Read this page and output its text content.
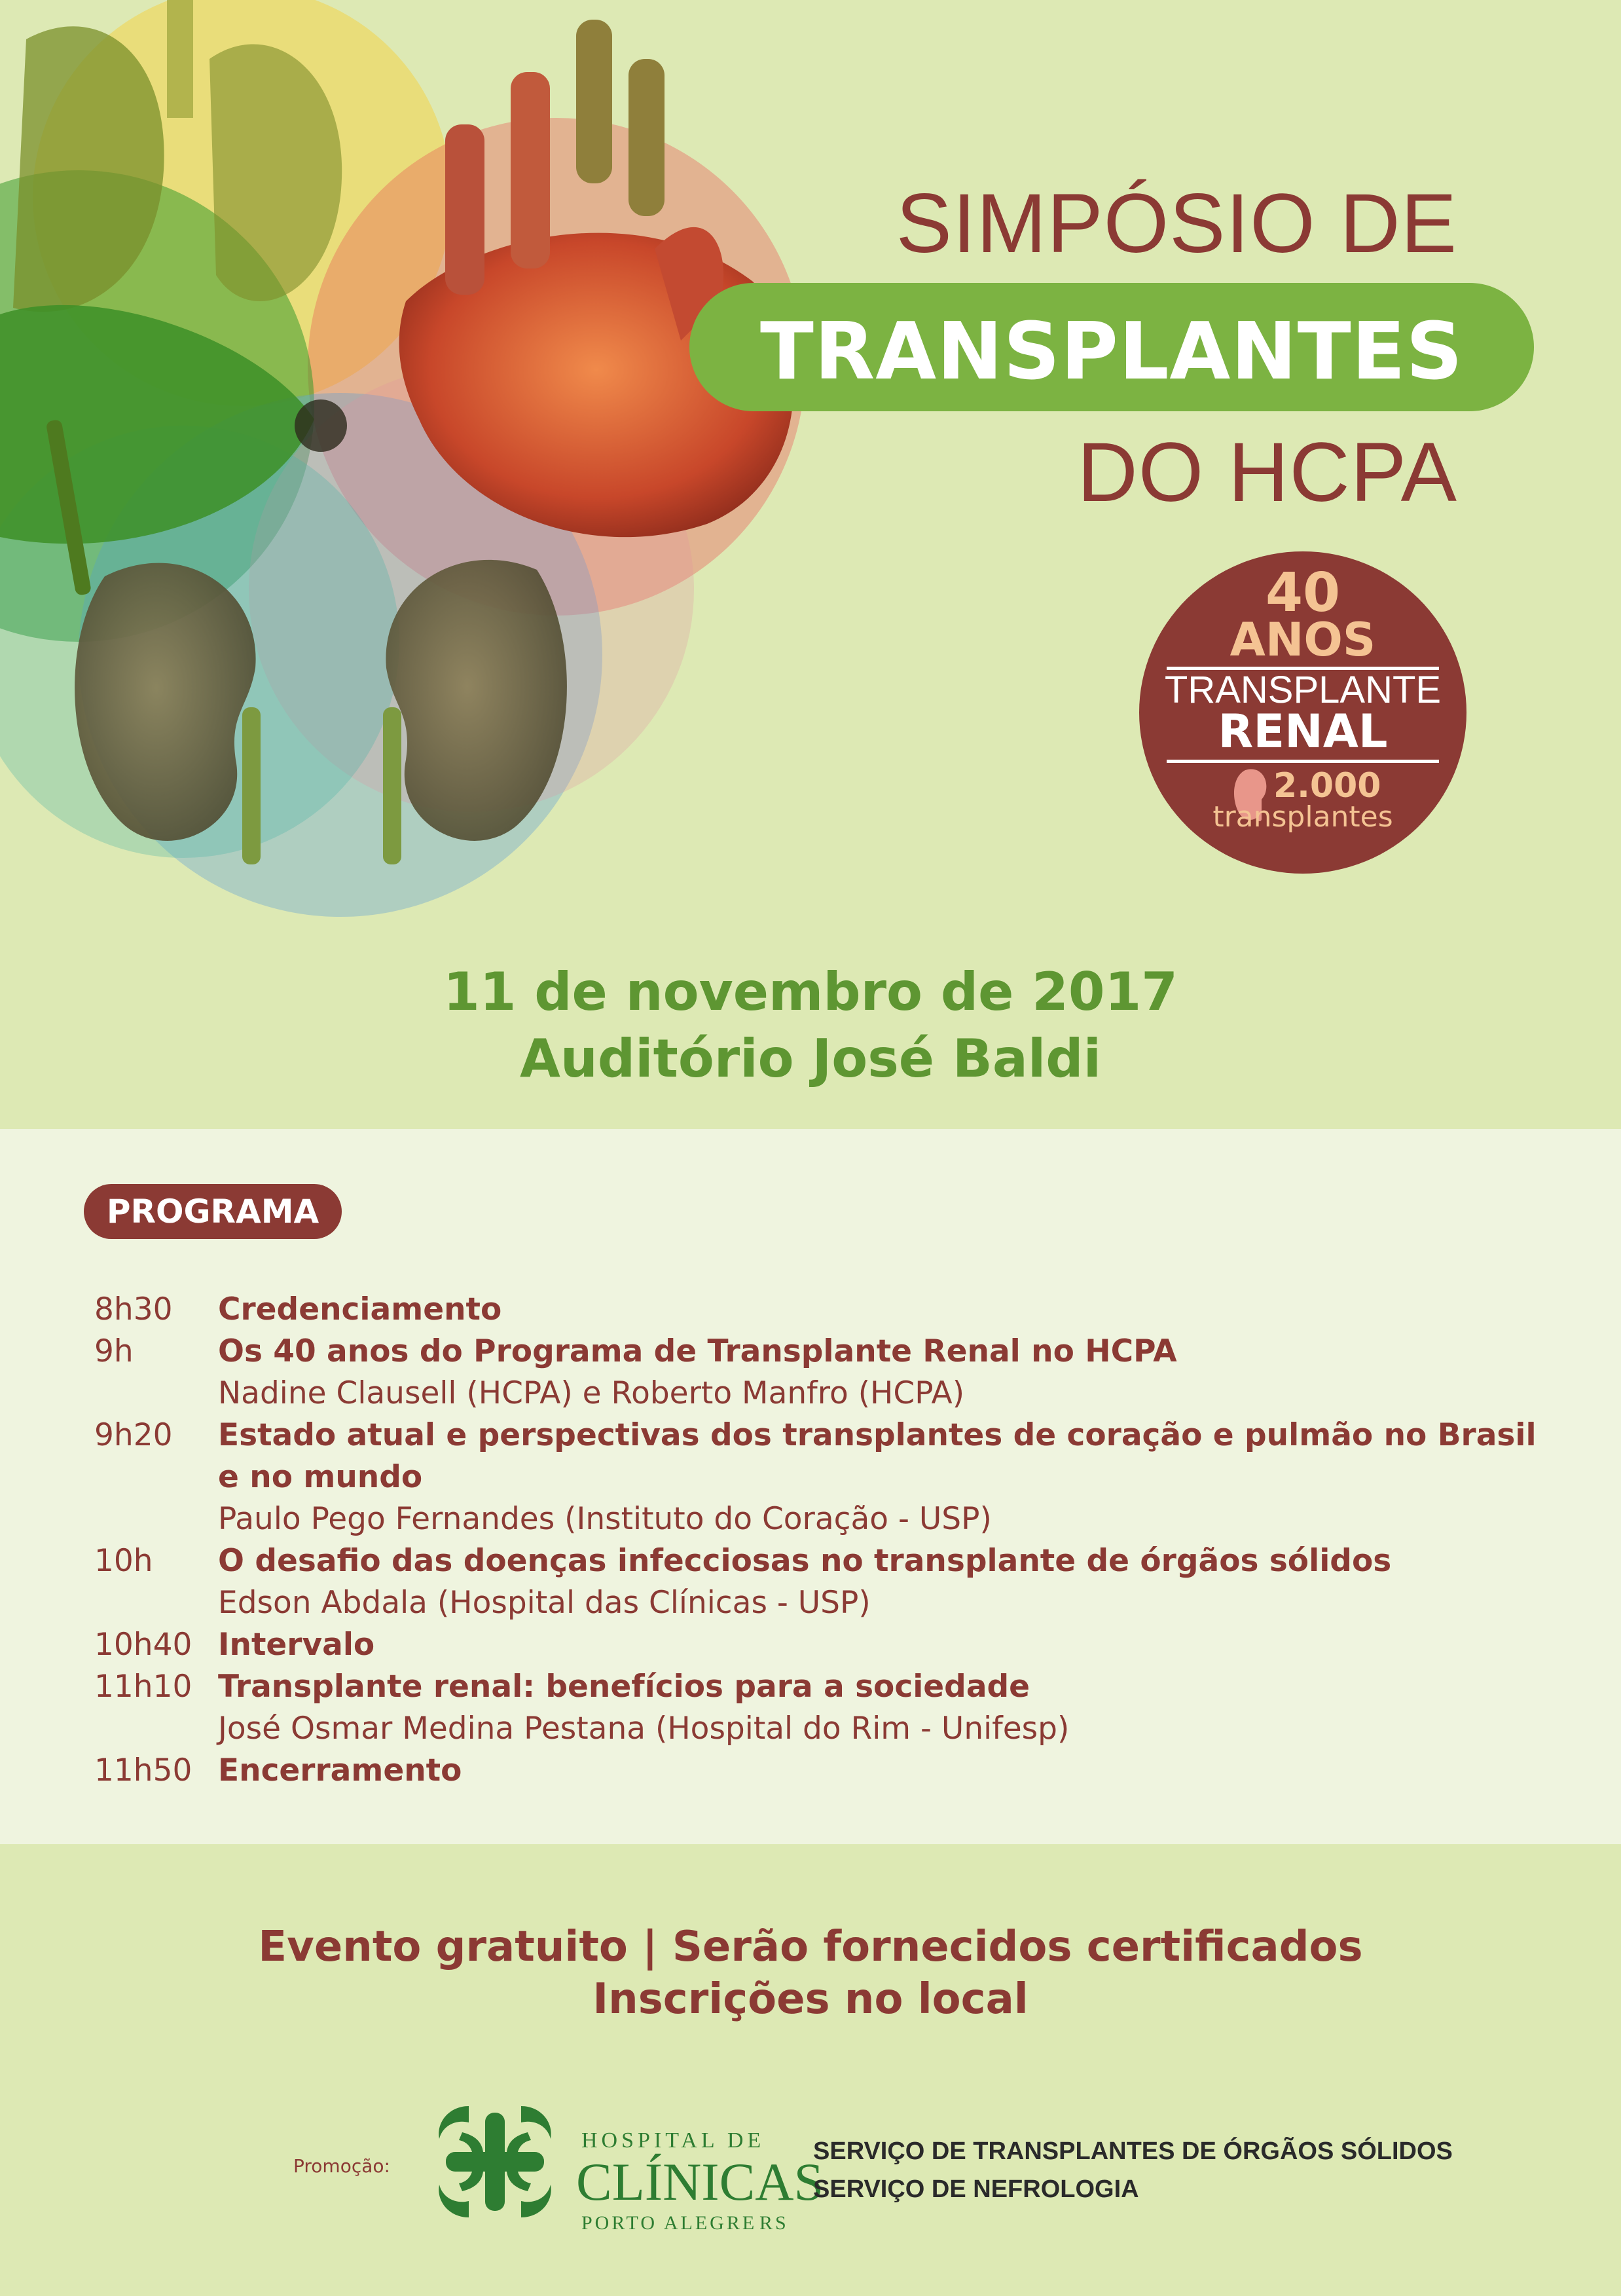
SIMPÓSIO DE
TRANSPLANTES
DO HCPA
40
ANOS
TRANSPLANTE
RENAL
2.000
transplantes
11 de novembro de 2017
Auditório José Baldi
PROGRAMA
8h30 Credenciamento
9h	Os 40 anos do Programa de Transplante Renal no HCPA
Nadine Clausell (HCPA) e Roberto Manfro (HCPA)
9h20 Estado atual e perspectivas dos transplantes de coração e pulmão no Brasil e no mundo
Paulo Pego Fernandes (Instituto do Coração - USP)
10h O desafio das doenças infecciosas no transplante de órgãos sólidos
Edson Abdala (Hospital das Clínicas - USP)
10h40 Intervalo
11h10 Transplante renal: benefícios para a sociedade
José Osmar Medina Pestana (Hospital do Rim - Unifesp)
11h50 Encerramento
Evento gratuito | Serão fornecidos certificados
Inscrições no local
Promoção:
HOSPITAL DE
CLÍNICAS
PORTO ALEGRE RS
SERVIÇO DE TRANSPLANTES DE ÓRGÃOS SÓLIDOS
SERVIÇO DE NEFROLOGIA
